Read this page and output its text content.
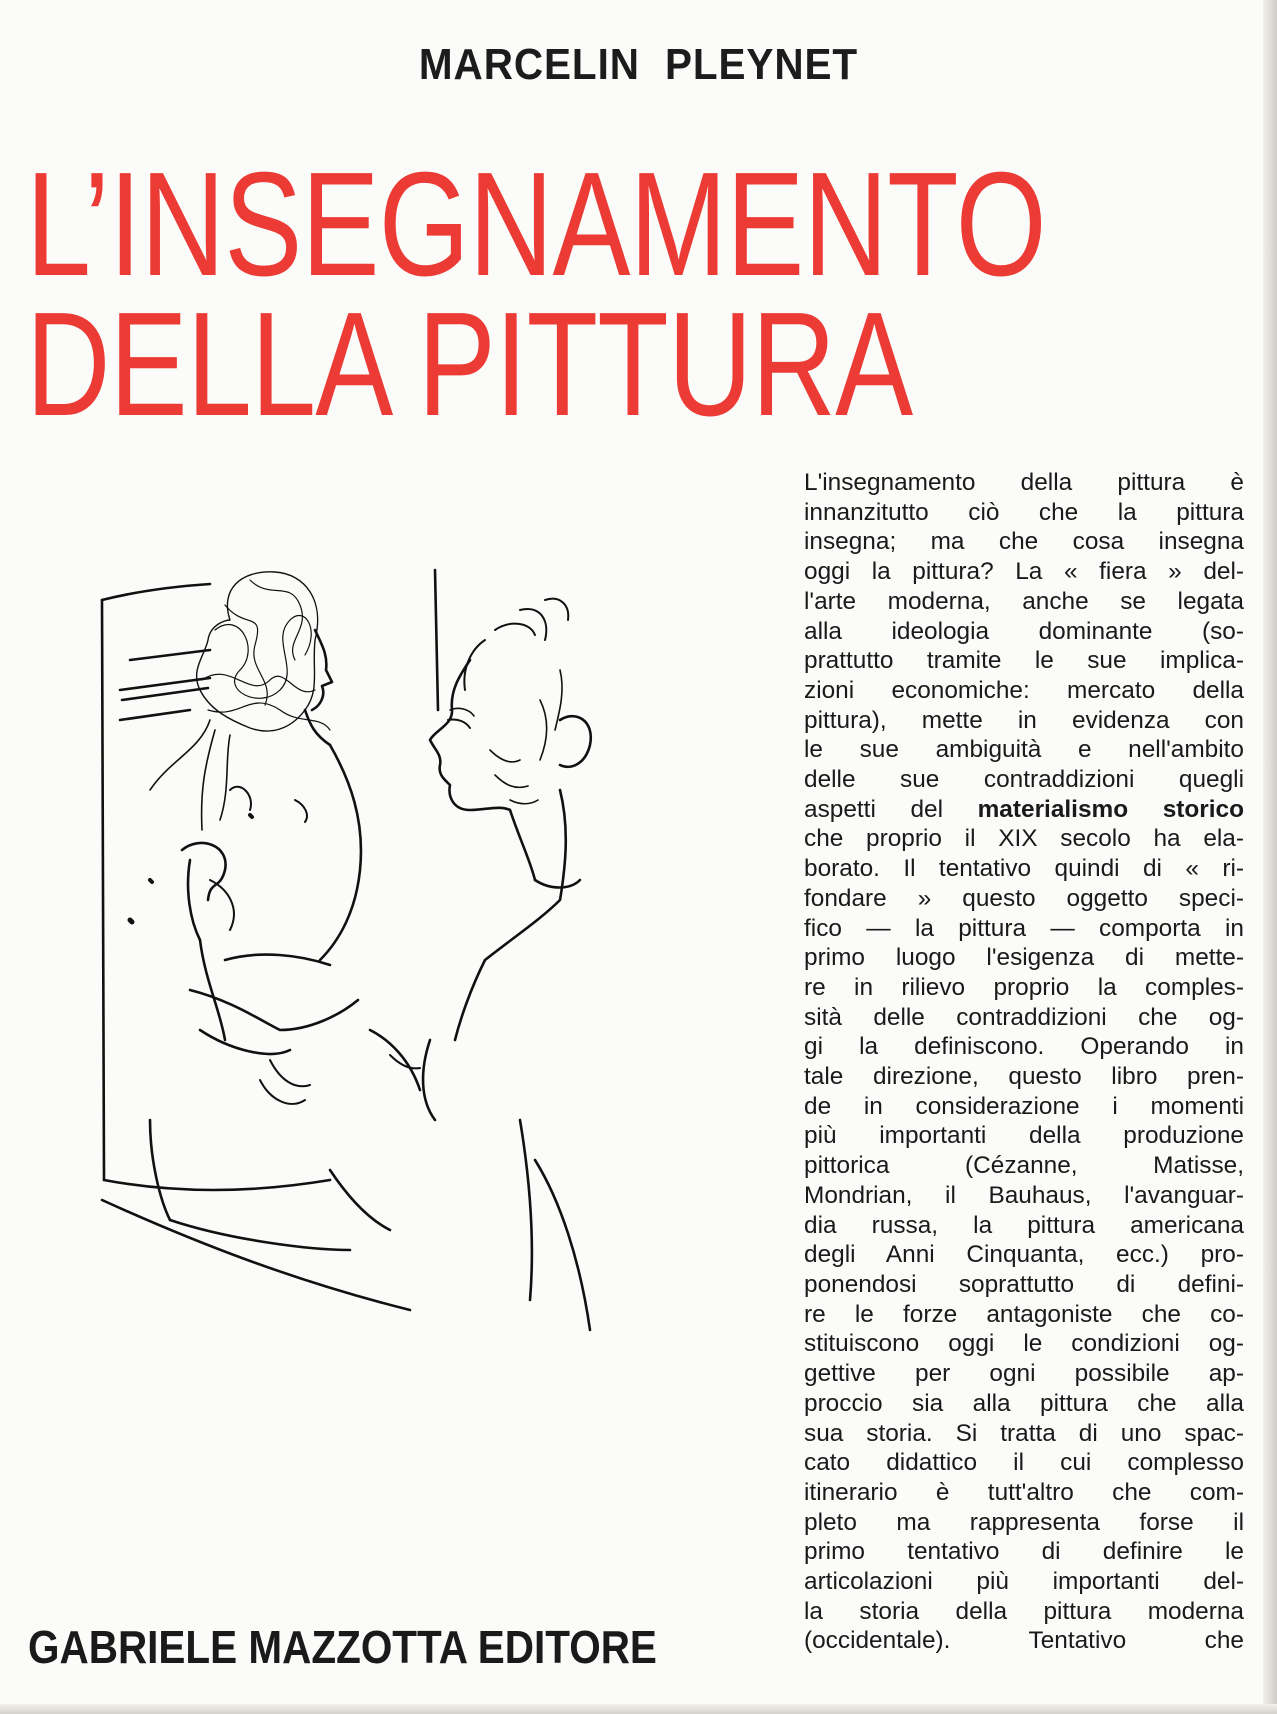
MARCELIN PLEYNET
L’INSEGNAMENTO
DELLA PITTURA
L'insegnamento della pittura è
innanzitutto ciò che la pittura
insegna; ma che cosa insegna
oggi la pittura? La « fiera » del-
l'arte moderna, anche se legata
alla ideologia dominante (so-
prattutto tramite le sue implica-
zioni economiche: mercato della
pittura), mette in evidenza con
le sue ambiguità e nell'ambito
delle sue contraddizioni quegli
aspetti del materialismo storico
che proprio il XIX secolo ha ela-
borato. Il tentativo quindi di « ri-
fondare » questo oggetto speci-
fico — la pittura — comporta in
primo luogo l'esigenza di mette-
re in rilievo proprio la comples-
sità delle contraddizioni che og-
gi la definiscono. Operando in
tale direzione, questo libro pren-
de in considerazione i momenti
più importanti della produzione
pittorica (Cézanne, Matisse,
Mondrian, il Bauhaus, l'avanguar-
dia russa, la pittura americana
degli Anni Cinquanta, ecc.) pro-
ponendosi soprattutto di defini-
re le forze antagoniste che co-
stituiscono oggi le condizioni og-
gettive per ogni possibile ap-
proccio sia alla pittura che alla
sua storia. Si tratta di uno spac-
cato didattico il cui complesso
itinerario è tutt'altro che com-
pleto ma rappresenta forse il
primo tentativo di definire le
articolazioni più importanti del-
la storia della pittura moderna
(occidentale). Tentativo che
GABRIELE MAZZOTTA EDITORE
